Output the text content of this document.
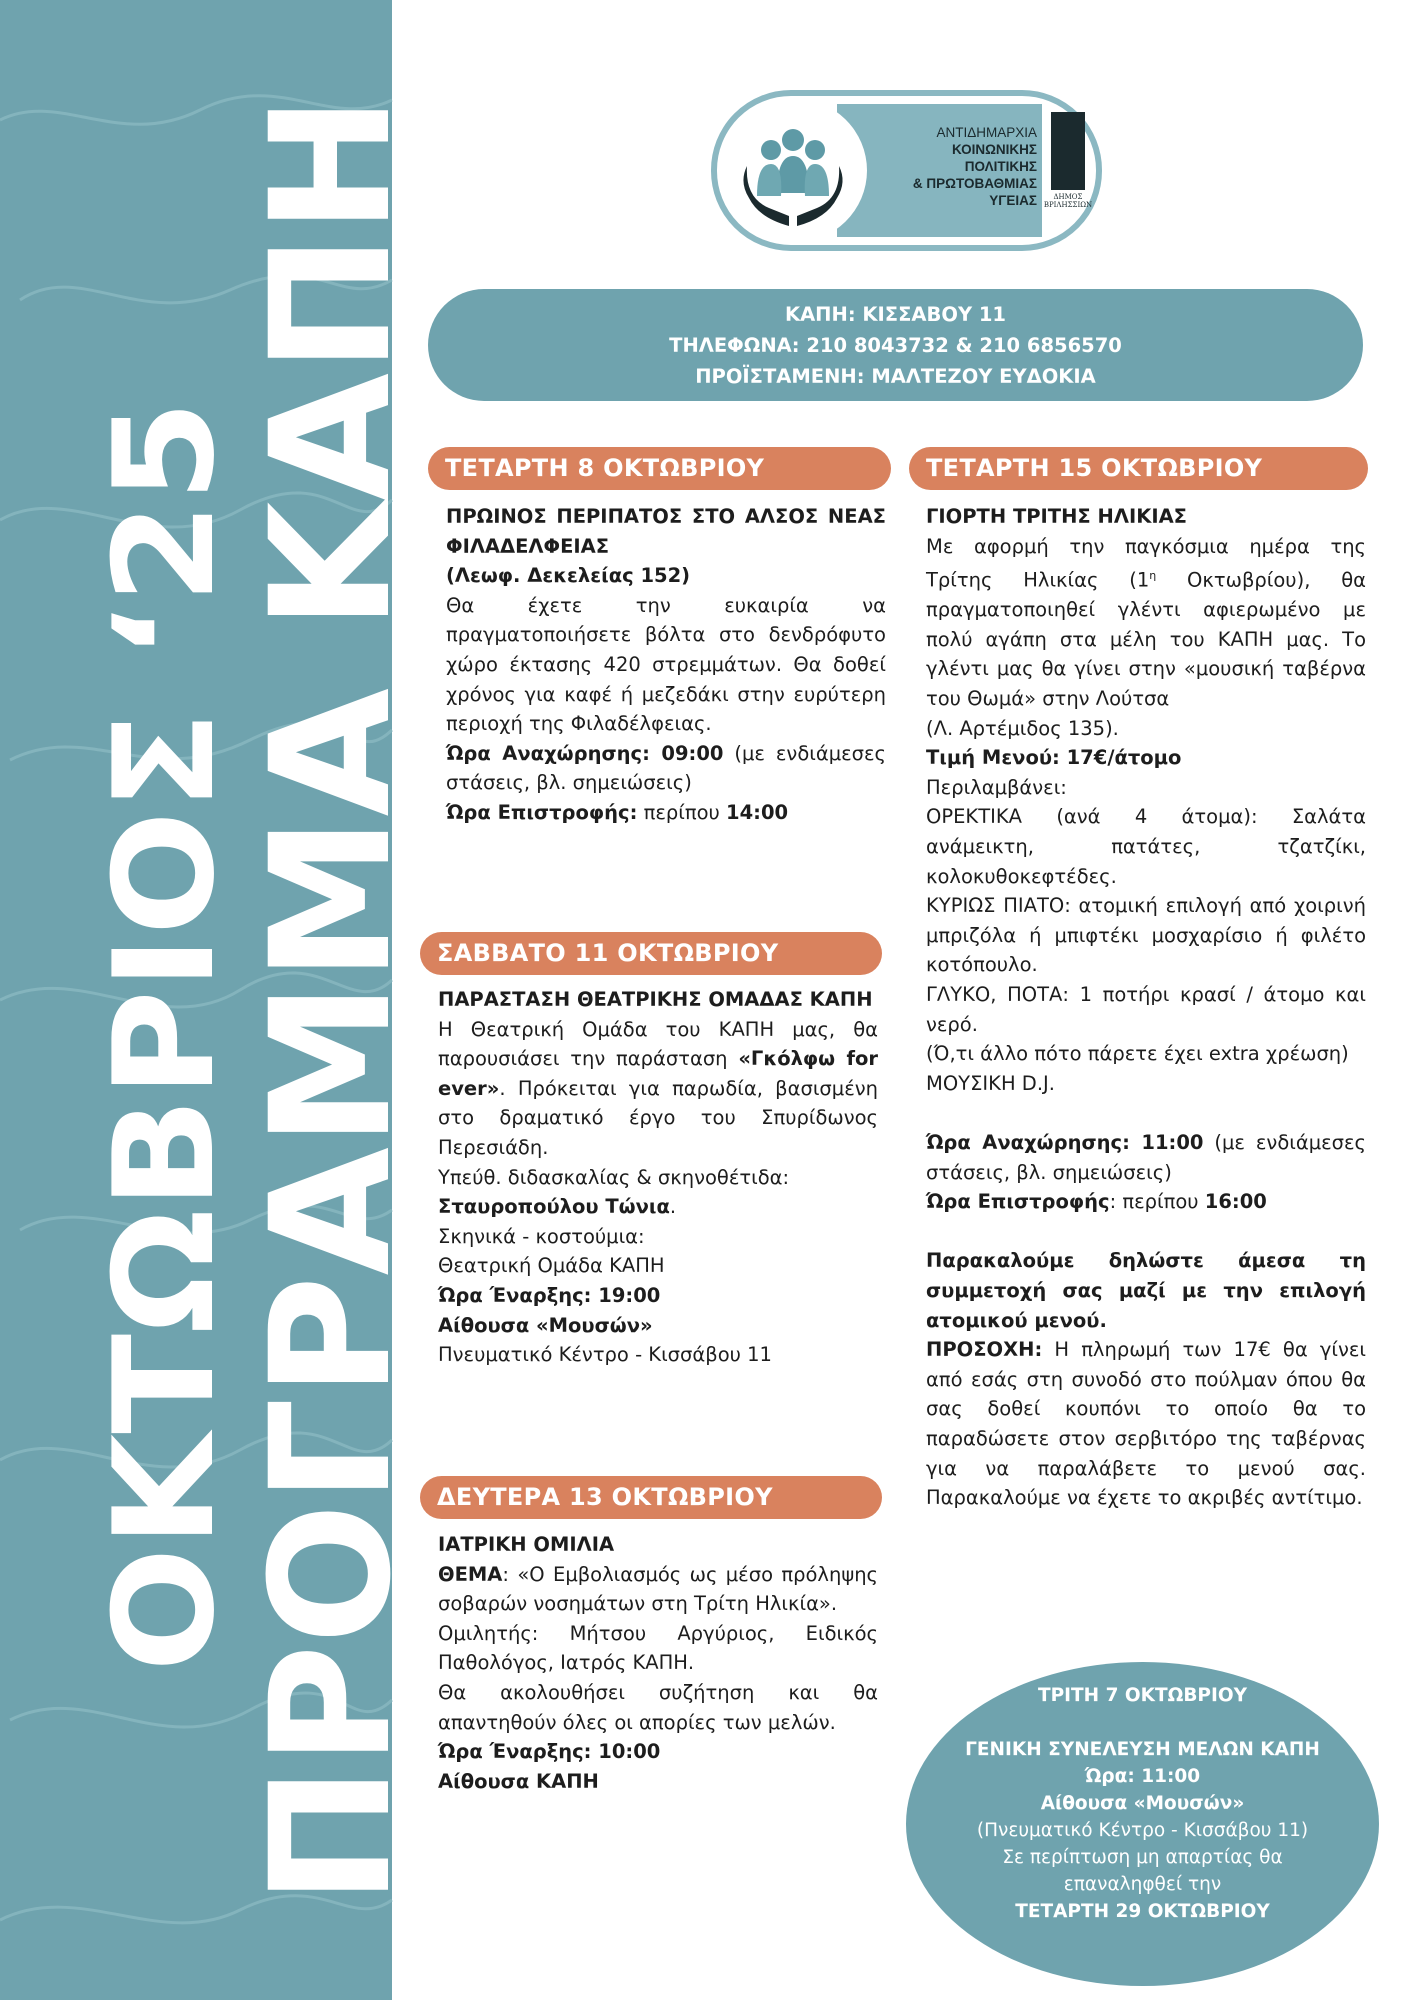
ΠΡΟΓΡΑΜΜΑ ΚΑΠΗ
ΟΚΤΩΒΡΙΟΣ ‘25
ΑΝΤΙΔΗΜΑΡΧΙΑ
ΚΟΙΝΩΝΙΚΗΣ
ΠΟΛΙΤΙΚΗΣ
& ΠΡΩΤΟΒΑΘΜΙΑΣ
ΥΓΕΙΑΣ	ΔΗΜΟΣ ΒΡΙΛΗΣΣΙΩΝ
ΚΑΠΗ: ΚΙΣΣΑΒΟΥ 11
ΤΗΛΕΦΩΝΑ: 210 8043732 & 210 6856570
ΠΡΟΪΣΤΑΜΕΝΗ: ΜΑΛΤΕΖΟΥ ΕΥΔΟΚΙΑ
ΤΕΤΑΡΤΗ 8 ΟΚΤΩΒΡΙΟΥ

ΠΡΩΙΝΟΣ ΠΕΡΙΠΑΤΟΣ ΣΤΟ ΑΛΣΟΣ ΝΕΑΣ ΦΙΛΑΔΕΛΦΕΙΑΣ

(Λεωφ. Δεκελείας 152)

Θα έχετε την ευκαιρία να πραγματοποιήσετε βόλτα στο δενδρόφυτο χώρο έκτασης 420 στρεμμάτων. Θα δοθεί χρόνος για καφέ ή μεζεδάκι στην ευρύτερη περιοχή της Φιλαδέλφειας.

Ώρα Αναχώρησης: 09:00 (με ενδιάμεσες στάσεις, βλ. σημειώσεις)

Ώρα Επιστροφής: περίπου 14:00

ΣΑΒΒΑΤΟ 11 ΟΚΤΩΒΡΙΟΥ

ΠΑΡΑΣΤΑΣΗ ΘΕΑΤΡΙΚΗΣ ΟΜΑΔΑΣ ΚΑΠΗ

Η Θεατρική Ομάδα του ΚΑΠΗ μας, θα παρουσιάσει την παράσταση «Γκόλφω for ever». Πρόκειται για παρωδία, βασισμένη στο δραματικό έργο του Σπυρίδωνος Περεσιάδη.

Υπεύθ. διδασκαλίας & σκηνοθέτιδα:

Σταυροπούλου Τώνια.

Σκηνικά - κοστούμια:

Θεατρική Ομάδα ΚΑΠΗ

Ώρα Έναρξης: 19:00

Αίθουσα «Μουσών»

Πνευματικό Κέντρο - Κισσάβου 11

ΔΕΥΤΕΡΑ 13 ΟΚΤΩΒΡΙΟΥ

ΙΑΤΡΙΚΗ ΟΜΙΛΙΑ

ΘΕΜΑ: «Ο Εμβολιασμός ως μέσο πρόληψης σοβαρών νοσημάτων στη Τρίτη Ηλικία».

Ομιλητής: Μήτσου Αργύριος, Ειδικός Παθολόγος, Ιατρός ΚΑΠΗ.

Θα ακολουθήσει συζήτηση και θα απαντηθούν όλες οι απορίες των μελών.

Ώρα Έναρξης: 10:00

Αίθουσα ΚΑΠΗ

ΤΕΤΑΡΤΗ 15 ΟΚΤΩΒΡΙΟΥ

ΓΙΟΡΤΗ ΤΡΙΤΗΣ ΗΛΙΚΙΑΣ

Με αφορμή την παγκόσμια ημέρα της Τρίτης Ηλικίας ($1^\eta$ Οκτωβρίου), θα πραγματοποιηθεί γλέντι αφιερωμένο με πολύ αγάπη στα μέλη του ΚΑΠΗ μας. Το γλέντι μας θα γίνει στην «μουσική ταβέρνα του Θωμά» στην Λούτσα

(Λ. Αρτέμιδος 135).

Τιμή Μενού: 17€/άτομο

Περιλαμβάνει:

ΟΡΕΚΤΙΚΑ (ανά 4 άτομα): Σαλάτα ανάμεικτη, πατάτες, τζατζίκι, κολοκυθοκεφτέδες.

ΚΥΡΙΩΣ ΠΙΑΤΟ: ατομική επιλογή από χοιρινή μπριζόλα ή μπιφτέκι μοσχαρίσιο ή φιλέτο κοτόπουλο.

ΓΛΥΚΟ, ΠΟΤΑ: 1 ποτήρι κρασί / άτομο και νερό.

(Ό,τι άλλο πότο πάρετε έχει extra χρέωση) ΜΟΥΣΙΚΗ D.J.

Ώρα Αναχώρησης: 11:00 (με ενδιάμεσες στάσεις, βλ. σημειώσεις)

Ώρα Επιστροφής: περίπου 16:00

Παρακαλούμε δηλώστε άμεσα τη συμμετοχή σας μαζί με την επιλογή ατομικού μενού.

ΠΡΟΣΟΧΗ: Η πληρωμή των 17€ θα γίνει από εσάς στη συνοδό στο πούλμαν όπου θα σας δοθεί κουπόνι το οποίο θα το παραδώσετε στον σερβιτόρο της ταβέρνας για να παραλάβετε το μενού σας. Παρακαλούμε να έχετε το ακριβές αντίτιμο.

ΤΡΙΤΗ 7 ΟΚΤΩΒΡΙΟΥ
ΓΕΝΙΚΗ ΣΥΝΕΛΕΥΣΗ ΜΕΛΩΝ ΚΑΠΗ
Ώρα: 11:00
Αίθουσα «Μουσών»
(Πνευματικό Κέντρο - Κισσάβου 11)
Σε περίπτωση μη απαρτίας θα
επαναληφθεί την
ΤΕΤΑΡΤΗ 29 ΟΚΤΩΒΡΙΟΥ
